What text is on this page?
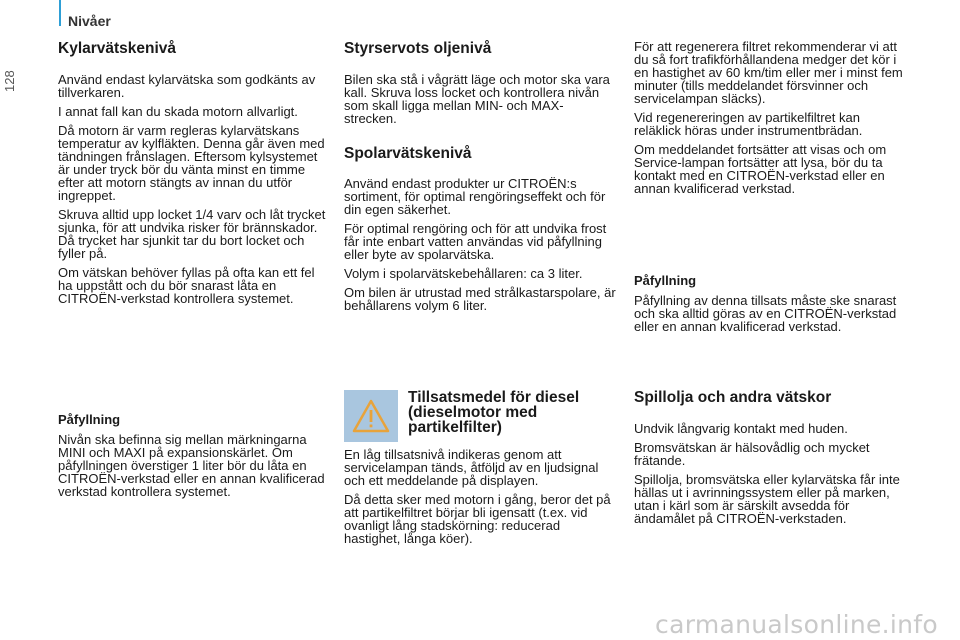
Nivåer
128
Kylarvätskenivå

Använd endast kylarvätska som godkänts av tillverkaren.

I annat fall kan du skada motorn allvarligt.

Då motorn är varm regleras kylarvätskans temperatur av kylfläkten. Denna går även med tändningen frånslagen. Eftersom kylsystemet är under tryck bör du vänta minst en timme efter att motorn stängts av innan du utför ingreppet.

Skruva alltid upp locket 1/4 varv och låt trycket sjunka, för att undvika risker för brännskador. Då trycket har sjunkit tar du bort locket och fyller på.

Om vätskan behöver fyllas på ofta kan ett fel ha uppstått och du bör snarast låta en CITROËN-verkstad kontrollera systemet.

Påfyllning

Nivån ska befinna sig mellan märkningarna MINI och MAXI på expansionskärlet. Om påfyllningen överstiger 1 liter bör du låta en CITROËN-verkstad eller en annan kvalificerad verkstad kontrollera systemet.

Styrservots oljenivå

Bilen ska stå i vågrätt läge och motor ska vara kall. Skruva loss locket och kontrollera nivån som skall ligga mellan MIN- och MAX-strecken.

Spolarvätskenivå

Använd endast produkter ur CITROËN:s sortiment, för optimal rengöringseffekt och för din egen säkerhet.

För optimal rengöring och för att undvika frost får inte enbart vatten användas vid påfyllning eller byte av spolarvätska.

Volym i spolarvätskebehållaren: ca 3 liter.

Om bilen är utrustad med strålkastarspolare, är behållarens volym 6 liter.

Tillsatsmedel för diesel (dieselmotor med partikelfilter)

En låg tillsatsnivå indikeras genom att servicelampan tänds, åtföljd av en ljudsignal och ett meddelande på displayen.

Då detta sker med motorn i gång, beror det på att partikelfiltret börjar bli igensatt (t.ex. vid ovanligt lång stadskörning: reducerad hastighet, långa köer).

För att regenerera filtret rekommenderar vi att du så fort trafikförhållandena medger det kör i en hastighet av 60 km/tim eller mer i minst fem minuter (tills meddelandet försvinner och servicelampan släcks).

Vid regenereringen av partikelfiltret kan reläklick höras under instrumentbrädan.

Om meddelandet fortsätter att visas och om Service-lampan fortsätter att lysa, bör du ta kontakt med en CITROËN-verkstad eller en annan kvalificerad verkstad.

Påfyllning

Påfyllning av denna tillsats måste ske snarast och ska alltid göras av en CITROËN-verkstad eller en annan kvalificerad verkstad.

Spillolja och andra vätskor

Undvik långvarig kontakt med huden.

Bromsvätskan är hälsovådlig och mycket frätande.

Spillolja, bromsvätska eller kylarvätska får inte hällas ut i avrinningssystem eller på marken, utan i kärl som är särskilt avsedda för ändamålet på CITROËN-verkstaden.

carmanualsonline.info
